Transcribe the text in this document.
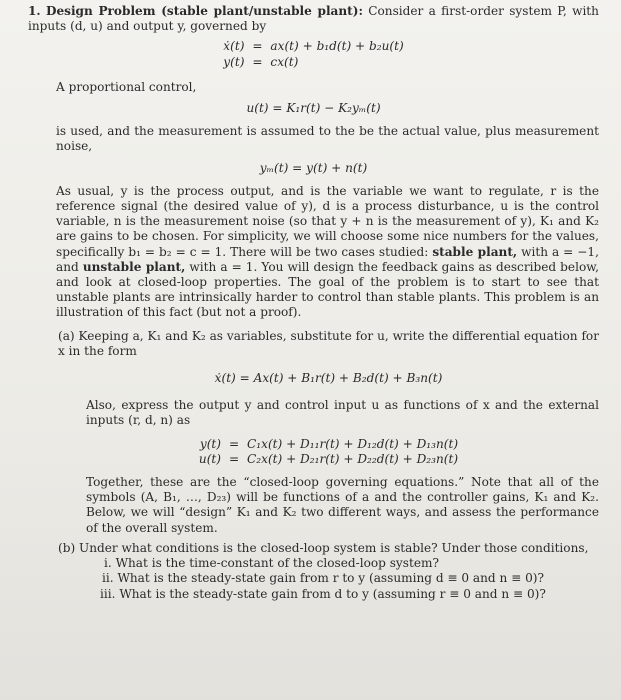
1. Design Problem (stable plant/unstable plant): Consider a first-order system P, with inputs (d, u) and output y, governed by

ẋ(t) = ax(t) + b₁d(t) + b₂u(t)
y(t) = cx(t)

A proportional control,

u(t) = K₁r(t) − K₂yₘ(t)

is used, and the measurement is assumed to the be the actual value, plus measurement noise,

yₘ(t) = y(t) + n(t)

As usual, y is the process output, and is the variable we want to regulate, r is the reference signal (the desired value of y), d is a process disturbance, u is the control variable, n is the measurement noise (so that y + n is the measurement of y), K₁ and K₂ are gains to be chosen. For simplicity, we will choose some nice numbers for the values, specifically b₁ = b₂ = c = 1. There will be two cases studied: stable plant, with a = −1, and unstable plant, with a = 1. You will design the feedback gains as described below, and look at closed-loop properties. The goal of the problem is to start to see that unstable plants are intrinsically harder to control than stable plants. This problem is an illustration of this fact (but not a proof).

(a) Keeping a, K₁ and K₂ as variables, substitute for u, write the differential equation for x in the form

ẋ(t) = Ax(t) + B₁r(t) + B₂d(t) + B₃n(t)

Also, express the output y and control input u as functions of x and the external inputs (r, d, n) as

y(t) = C₁x(t) + D₁₁r(t) + D₁₂d(t) + D₁₃n(t)
u(t) = C₂x(t) + D₂₁r(t) + D₂₂d(t) + D₂₃n(t)

Together, these are the “closed-loop governing equations.” Note that all of the symbols (A, B₁, …, D₂₃) will be functions of a and the controller gains, K₁ and K₂. Below, we will “design” K₁ and K₂ two different ways, and assess the performance of the overall system.

(b) Under what conditions is the closed-loop system is stable? Under those conditions,

i. What is the time-constant of the closed-loop system?

ii. What is the steady-state gain from r to y (assuming d ≡ 0 and n ≡ 0)?

iii. What is the steady-state gain from d to y (assuming r ≡ 0 and n ≡ 0)?
